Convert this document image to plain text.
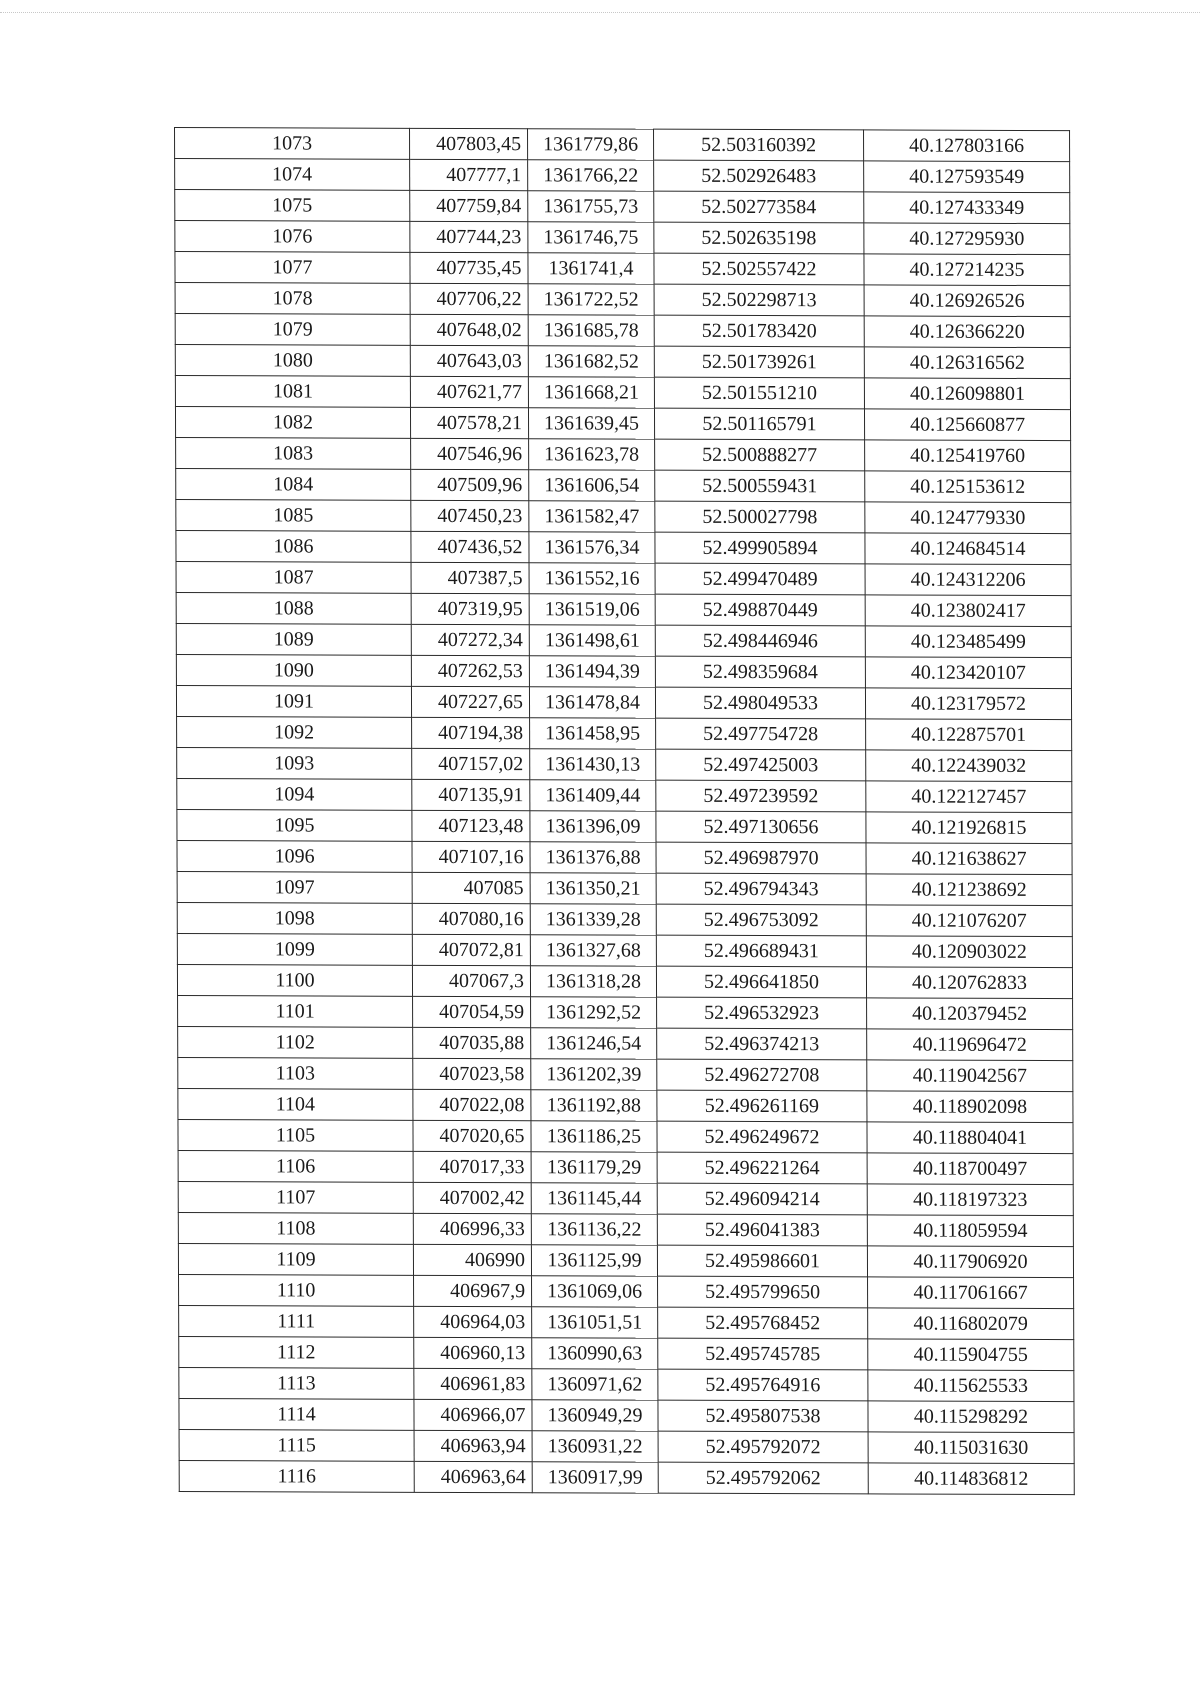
1073	407803,45	1361779,86	52.503160392	40.127803166
1074	407777,1	1361766,22	52.502926483	40.127593549
1075	407759,84	1361755,73	52.502773584	40.127433349
1076	407744,23	1361746,75	52.502635198	40.127295930
1077	407735,45	1361741,4	52.502557422	40.127214235
1078	407706,22	1361722,52	52.502298713	40.126926526
1079	407648,02	1361685,78	52.501783420	40.126366220
1080	407643,03	1361682,52	52.501739261	40.126316562
1081	407621,77	1361668,21	52.501551210	40.126098801
1082	407578,21	1361639,45	52.501165791	40.125660877
1083	407546,96	1361623,78	52.500888277	40.125419760
1084	407509,96	1361606,54	52.500559431	40.125153612
1085	407450,23	1361582,47	52.500027798	40.124779330
1086	407436,52	1361576,34	52.499905894	40.124684514
1087	407387,5	1361552,16	52.499470489	40.124312206
1088	407319,95	1361519,06	52.498870449	40.123802417
1089	407272,34	1361498,61	52.498446946	40.123485499
1090	407262,53	1361494,39	52.498359684	40.123420107
1091	407227,65	1361478,84	52.498049533	40.123179572
1092	407194,38	1361458,95	52.497754728	40.122875701
1093	407157,02	1361430,13	52.497425003	40.122439032
1094	407135,91	1361409,44	52.497239592	40.122127457
1095	407123,48	1361396,09	52.497130656	40.121926815
1096	407107,16	1361376,88	52.496987970	40.121638627
1097	407085	1361350,21	52.496794343	40.121238692
1098	407080,16	1361339,28	52.496753092	40.121076207
1099	407072,81	1361327,68	52.496689431	40.120903022
1100	407067,3	1361318,28	52.496641850	40.120762833
1101	407054,59	1361292,52	52.496532923	40.120379452
1102	407035,88	1361246,54	52.496374213	40.119696472
1103	407023,58	1361202,39	52.496272708	40.119042567
1104	407022,08	1361192,88	52.496261169	40.118902098
1105	407020,65	1361186,25	52.496249672	40.118804041
1106	407017,33	1361179,29	52.496221264	40.118700497
1107	407002,42	1361145,44	52.496094214	40.118197323
1108	406996,33	1361136,22	52.496041383	40.118059594
1109	406990	1361125,99	52.495986601	40.117906920
1110	406967,9	1361069,06	52.495799650	40.117061667
1111	406964,03	1361051,51	52.495768452	40.116802079
1112	406960,13	1360990,63	52.495745785	40.115904755
1113	406961,83	1360971,62	52.495764916	40.115625533
1114	406966,07	1360949,29	52.495807538	40.115298292
1115	406963,94	1360931,22	52.495792072	40.115031630
1116	406963,64	1360917,99	52.495792062	40.114836812
